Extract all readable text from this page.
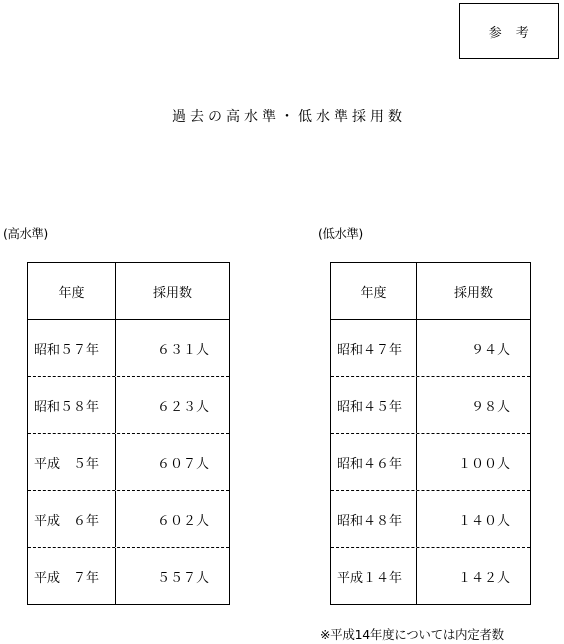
参　考
過去の高水準・低水準採用数
(高水準)
年度	採用数
昭和５７年	６３１人
昭和５８年	６２３人
平成　５年	６０７人
平成　６年	６０２人
平成　７年	５５７人
(低水準)
年度	採用数
昭和４７年	９４人
昭和４５年	９８人
昭和４６年	１００人
昭和４８年	１４０人
平成１４年	１４２人
※平成14年度については内定者数
